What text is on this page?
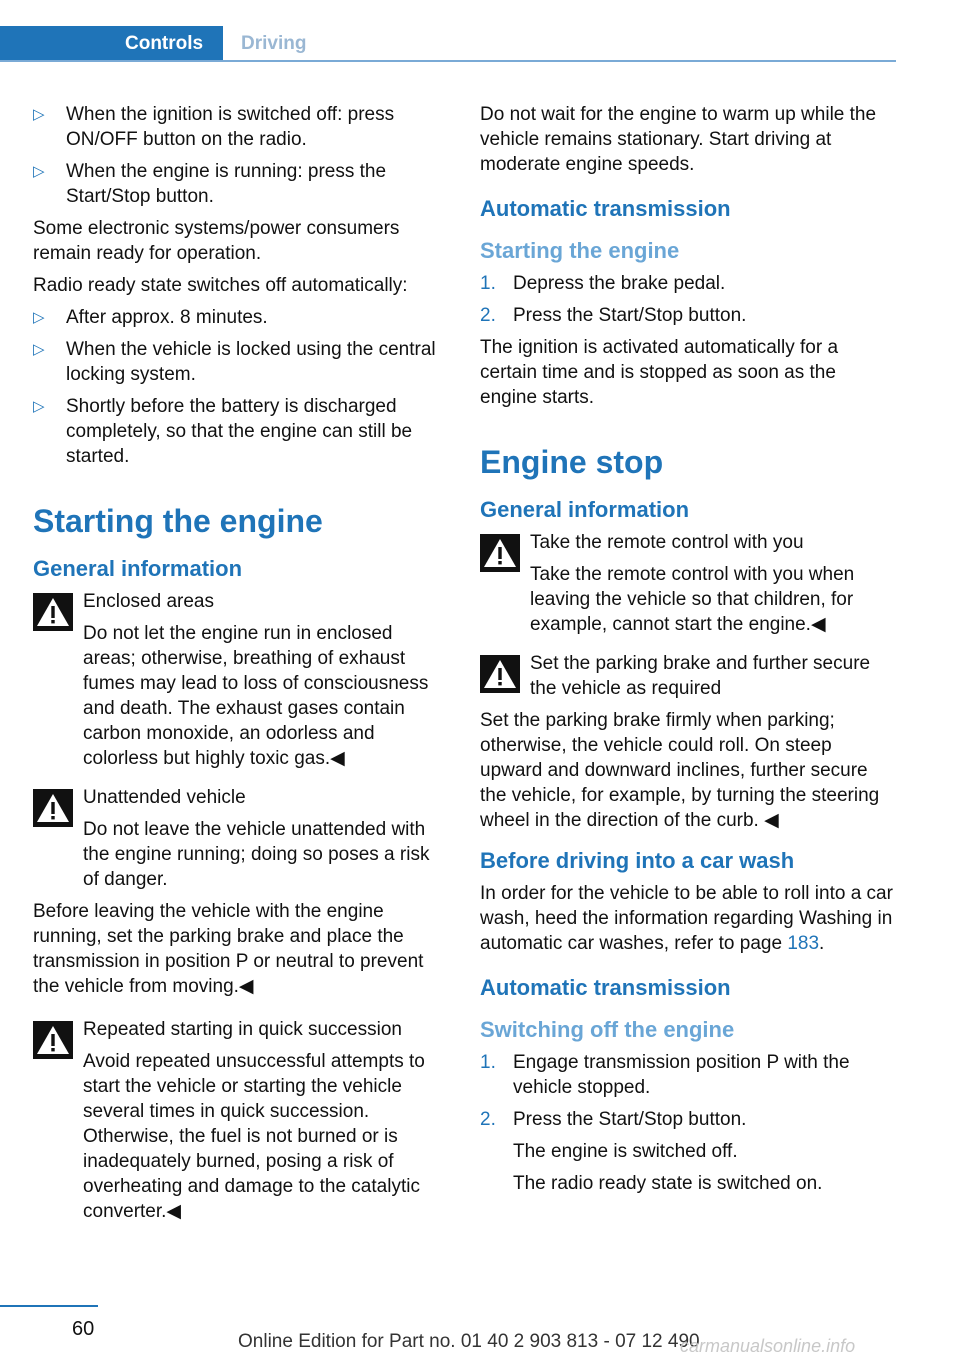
Controls Driving
▷ When the ignition is switched off: press ON/OFF button on the radio.
▷ When the engine is running: press the Start/Stop button.

Some electronic systems/power consumers remain ready for operation.

Radio ready state switches off automatically:

▷ After approx. 8 minutes.
▷ When the vehicle is locked using the central locking system.
▷ Shortly before the battery is discharged completely, so that the engine can still be started.
Starting the engine
General information
Enclosed areas
Do not let the engine run in enclosed areas; otherwise, breathing of exhaust fumes may lead to loss of consciousness and death. The exhaust gases contain carbon monoxide, an odorless and colorless but highly toxic gas.◀
Unattended vehicle
Do not leave the vehicle unattended with the engine running; doing so poses a risk of danger.

Before leaving the vehicle with the engine running, set the parking brake and place the transmission in position P or neutral to prevent the vehicle from moving.◀

Repeated starting in quick succession
Avoid repeated unsuccessful attempts to start the vehicle or starting the vehicle several times in quick succession. Otherwise, the fuel is not burned or is inadequately burned, posing a risk of overheating and damage to the catalytic converter.◀

Do not wait for the engine to warm up while the vehicle remains stationary. Start driving at moderate engine speeds.

Automatic transmission
Starting the engine
1. Depress the brake pedal.
2. Press the Start/Stop button.

The ignition is activated automatically for a certain time and is stopped as soon as the engine starts.

Engine stop
General information
Take the remote control with you
Take the remote control with you when leaving the vehicle so that children, for example, cannot start the engine.◀
Set the parking brake and further secure the vehicle as required
Set the parking brake firmly when parking; otherwise, the vehicle could roll. On steep upward and downward inclines, further secure the vehicle, for example, by turning the steering wheel in the direction of the curb. ◀
Before driving into a car wash

In order for the vehicle to be able to roll into a car wash, heed the information regarding Washing in automatic car washes, refer to page 183.

Automatic transmission
Switching off the engine
1. Engage transmission position P with the vehicle stopped.
2. Press the Start/Stop button.
The engine is switched off.
The radio ready state is switched on.
60
Online Edition for Part no. 01 40 2 903 813 - 07 12 490
carmanualsonline.info
